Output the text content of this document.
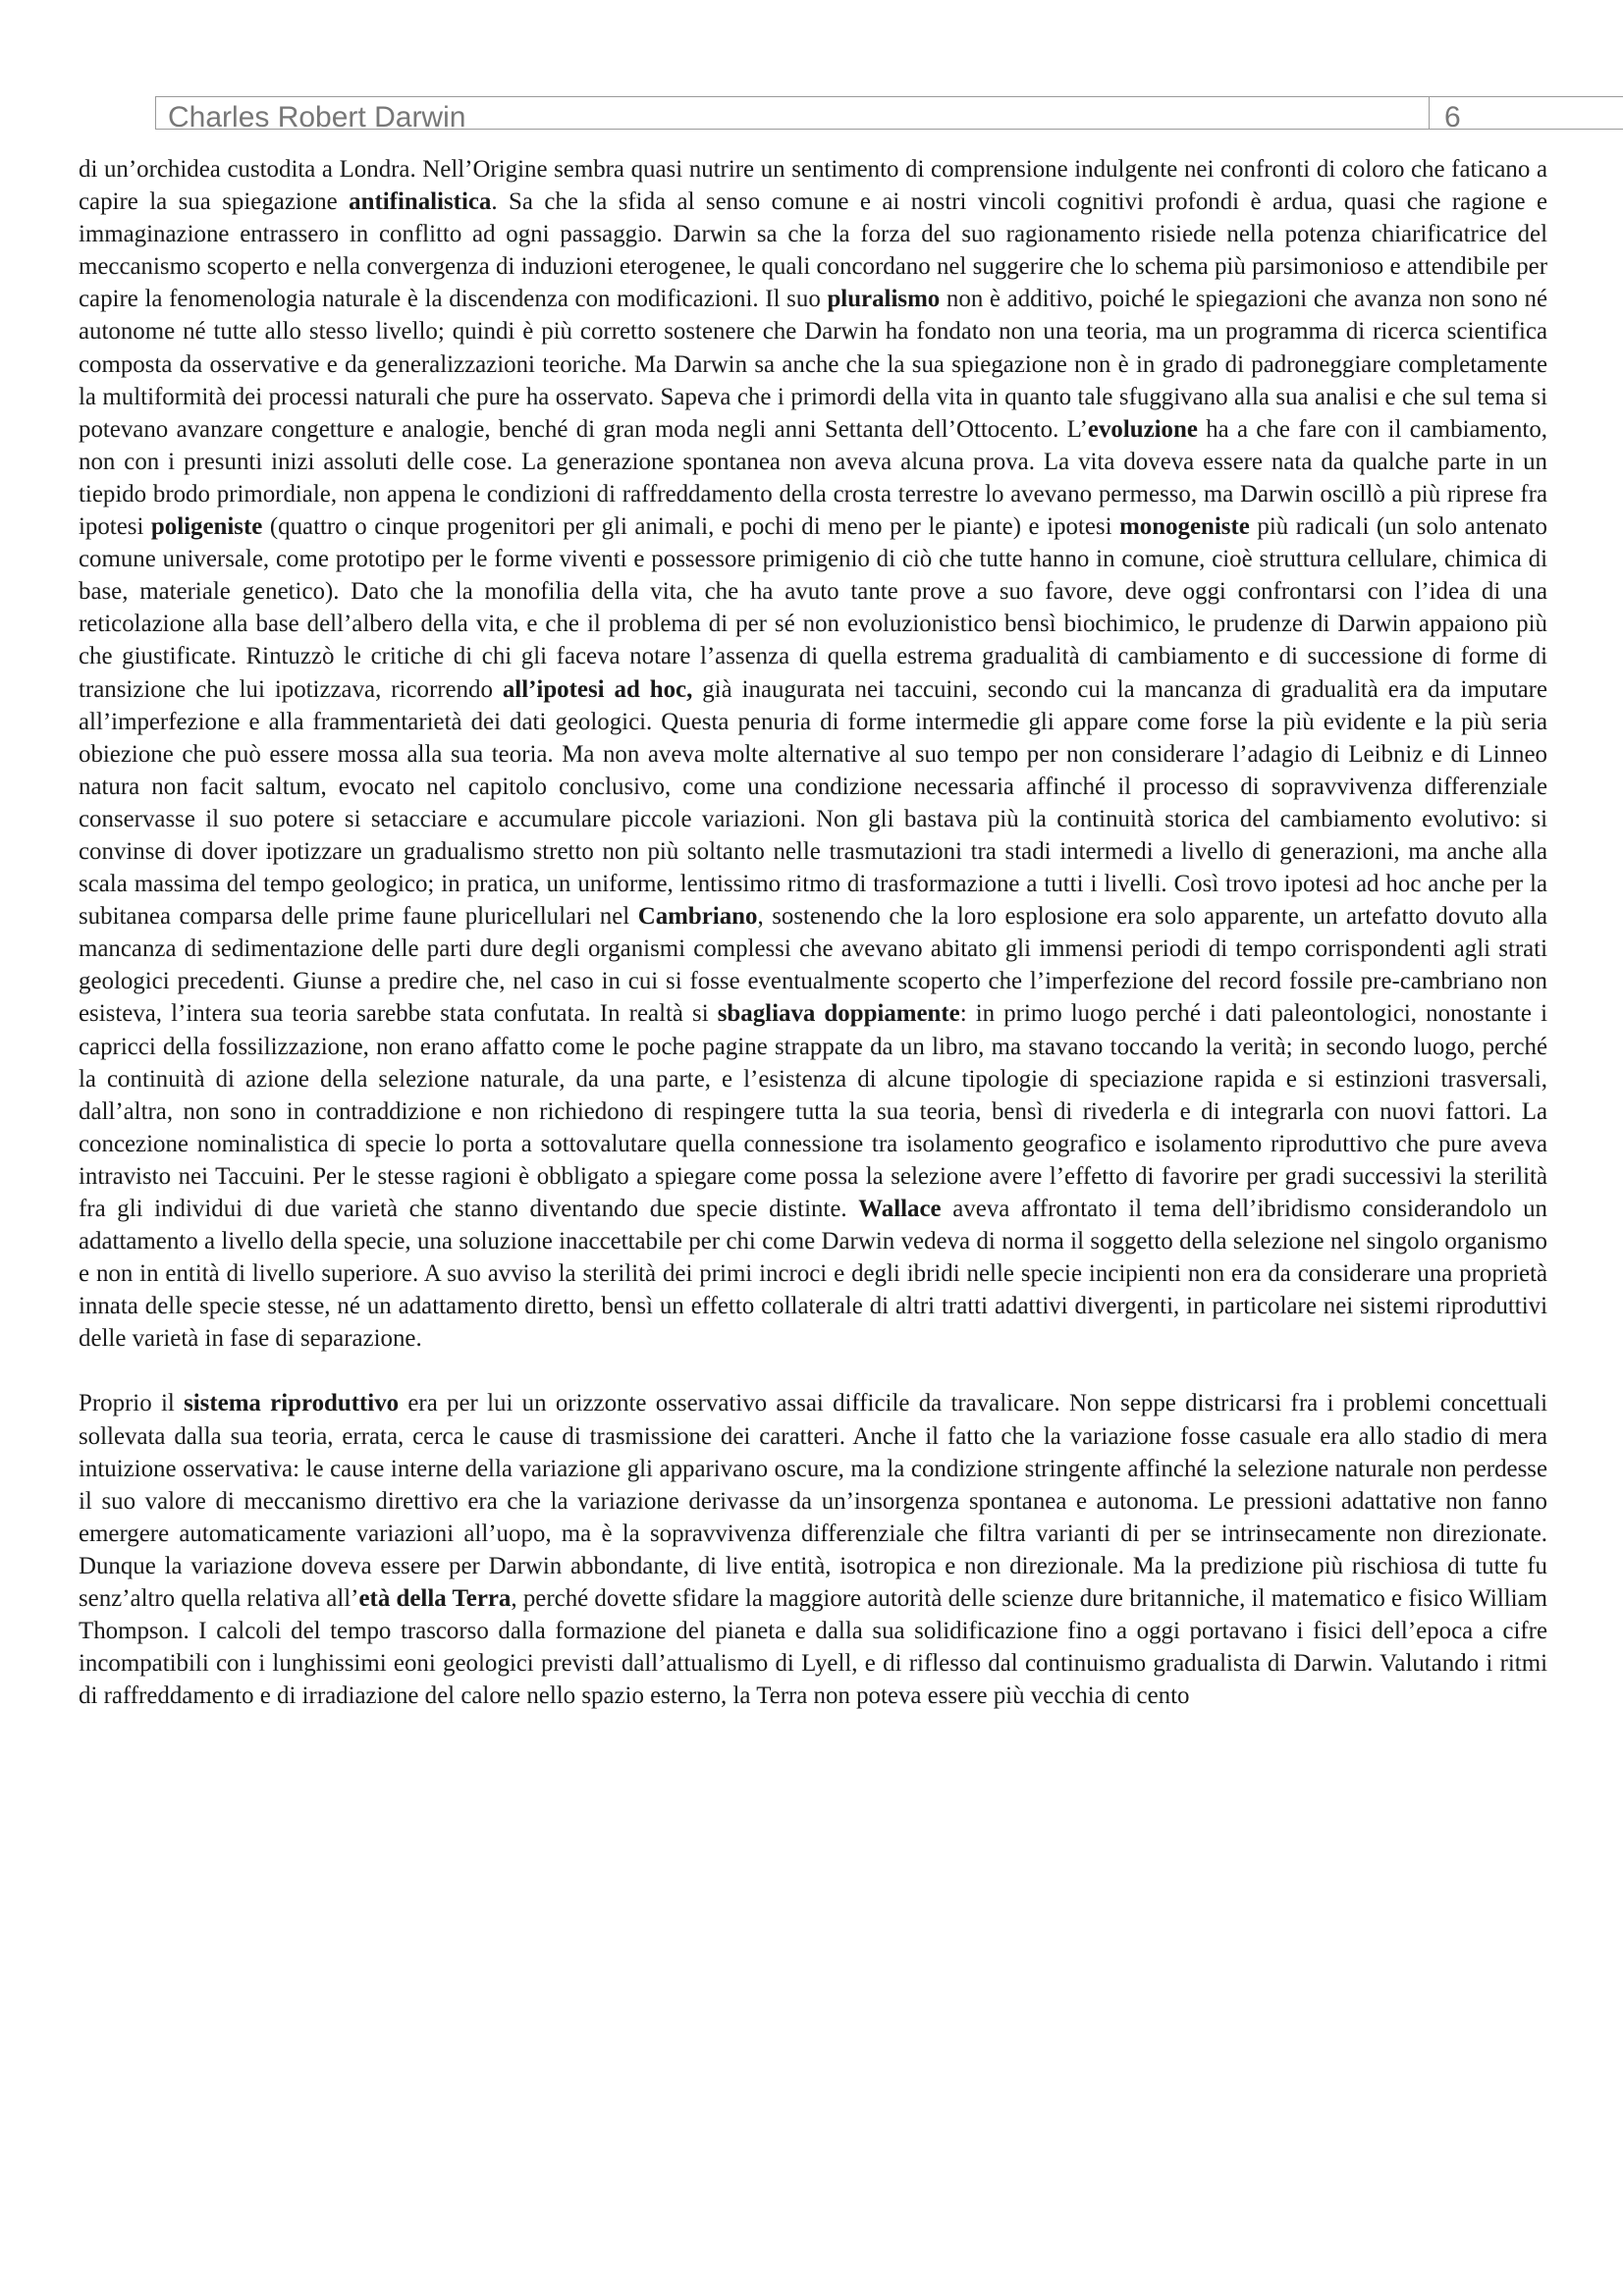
Charles Robert Darwin	6

di un’orchidea custodita a Londra. Nell’Origine sembra quasi nutrire un sentimento di comprensione indulgente nei confronti di coloro che faticano a capire la sua spiegazione antifinalistica. Sa che la sfida al senso comune e ai nostri vincoli cognitivi profondi è ardua, quasi che ragione e immaginazione entrassero in conflitto ad ogni passaggio. Darwin sa che la forza del suo ragionamento risiede nella potenza chiarificatrice del meccanismo scoperto e nella convergenza di induzioni eterogenee, le quali concordano nel suggerire che lo schema più parsimonioso e attendibile per capire la fenomenologia naturale è la discendenza con modificazioni. Il suo pluralismo non è additivo, poiché le spiegazioni che avanza non sono né autonome né tutte allo stesso livello; quindi è più corretto sostenere che Darwin ha fondato non una teoria, ma un programma di ricerca scientifica composta da osservative e da generalizzazioni teoriche. Ma Darwin sa anche che la sua spiegazione non è in grado di padroneggiare completamente la multiformità dei processi naturali che pure ha osservato. Sapeva che i primordi della vita in quanto tale sfuggivano alla sua analisi e che sul tema si potevano avanzare congetture e analogie, benché di gran moda negli anni Settanta dell’Ottocento. L’evoluzione ha a che fare con il cambiamento, non con i presunti inizi assoluti delle cose. La generazione spontanea non aveva alcuna prova. La vita doveva essere nata da qualche parte in un tiepido brodo primordiale, non appena le condizioni di raffreddamento della crosta terrestre lo avevano permesso, ma Darwin oscillò a più riprese fra ipotesi poligeniste (quattro o cinque progenitori per gli animali, e pochi di meno per le piante) e ipotesi monogeniste più radicali (un solo antenato comune universale, come prototipo per le forme viventi e possessore primigenio di ciò che tutte hanno in comune, cioè struttura cellulare, chimica di base, materiale genetico). Dato che la monofilia della vita, che ha avuto tante prove a suo favore, deve oggi confrontarsi con l’idea di una reticolazione alla base dell’albero della vita, e che il problema di per sé non evoluzionistico bensì biochimico, le prudenze di Darwin appaiono più che giustificate. Rintuzzò le critiche di chi gli faceva notare l’assenza di quella estrema gradualità di cambiamento e di successione di forme di transizione che lui ipotizzava, ricorrendo all’ipotesi ad hoc, già inaugurata nei taccuini, secondo cui la mancanza di gradualità era da imputare all’imperfezione e alla frammentarietà dei dati geologici. Questa penuria di forme intermedie gli appare come forse la più evidente e la più seria obiezione che può essere mossa alla sua teoria. Ma non aveva molte alternative al suo tempo per non considerare l’adagio di Leibniz e di Linneo natura non facit saltum, evocato nel capitolo conclusivo, come una condizione necessaria affinché il processo di sopravvivenza differenziale conservasse il suo potere si setacciare e accumulare piccole variazioni. Non gli bastava più la continuità storica del cambiamento evolutivo: si convinse di dover ipotizzare un gradualismo stretto non più soltanto nelle trasmutazioni tra stadi intermedi a livello di generazioni, ma anche alla scala massima del tempo geologico; in pratica, un uniforme, lentissimo ritmo di trasformazione a tutti i livelli. Così trovo ipotesi ad hoc anche per la subitanea comparsa delle prime faune pluricellulari nel Cambriano, sostenendo che la loro esplosione era solo apparente, un artefatto dovuto alla mancanza di sedimentazione delle parti dure degli organismi complessi che avevano abitato gli immensi periodi di tempo corrispondenti agli strati geologici precedenti. Giunse a predire che, nel caso in cui si fosse eventualmente scoperto che l’imperfezione del record fossile pre-cambriano non esisteva, l’intera sua teoria sarebbe stata confutata. In realtà si sbagliava doppiamente: in primo luogo perché i dati paleontologici, nonostante i capricci della fossilizzazione, non erano affatto come le poche pagine strappate da un libro, ma stavano toccando la verità; in secondo luogo, perché la continuità di azione della selezione naturale, da una parte, e l’esistenza di alcune tipologie di speciazione rapida e si estinzioni trasversali, dall’altra, non sono in contraddizione e non richiedono di respingere tutta la sua teoria, bensì di rivederla e di integrarla con nuovi fattori. La concezione nominalistica di specie lo porta a sottovalutare quella connessione tra isolamento geografico e isolamento riproduttivo che pure aveva intravisto nei Taccuini. Per le stesse ragioni è obbligato a spiegare come possa la selezione avere l’effetto di favorire per gradi successivi la sterilità fra gli individui di due varietà che stanno diventando due specie distinte. Wallace aveva affrontato il tema dell’ibridismo considerandolo un adattamento a livello della specie, una soluzione inaccettabile per chi come Darwin vedeva di norma il soggetto della selezione nel singolo organismo e non in entità di livello superiore. A suo avviso la sterilità dei primi incroci e degli ibridi nelle specie incipienti non era da considerare una proprietà innata delle specie stesse, né un adattamento diretto, bensì un effetto collaterale di altri tratti adattivi divergenti, in particolare nei sistemi riproduttivi delle varietà in fase di separazione.

Proprio il sistema riproduttivo era per lui un orizzonte osservativo assai difficile da travalicare. Non seppe districarsi fra i problemi concettuali sollevata dalla sua teoria, errata, cerca le cause di trasmissione dei caratteri. Anche il fatto che la variazione fosse casuale era allo stadio di mera intuizione osservativa: le cause interne della variazione gli apparivano oscure, ma la condizione stringente affinché la selezione naturale non perdesse il suo valore di meccanismo direttivo era che la variazione derivasse da un’insorgenza spontanea e autonoma. Le pressioni adattative non fanno emergere automaticamente variazioni all’uopo, ma è la sopravvivenza differenziale che filtra varianti di per se intrinsecamente non direzionate. Dunque la variazione doveva essere per Darwin abbondante, di live entità, isotropica e non direzionale. Ma la predizione più rischiosa di tutte fu senz’altro quella relativa all’età della Terra, perché dovette sfidare la maggiore autorità delle scienze dure britanniche, il matematico e fisico William Thompson. I calcoli del tempo trascorso dalla formazione del pianeta e dalla sua solidificazione fino a oggi portavano i fisici dell’epoca a cifre incompatibili con i lunghissimi eoni geologici previsti dall’attualismo di Lyell, e di riflesso dal continuismo gradualista di Darwin. Valutando i ritmi di raffreddamento e di irradiazione del calore nello spazio esterno, la Terra non poteva essere più vecchia di cento
